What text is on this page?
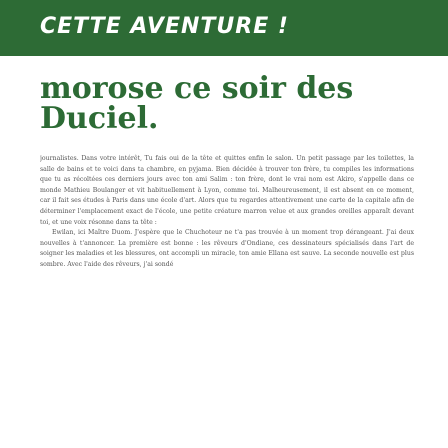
CETTE AVENTURE !
morose ce soir des Duciel.

journalistes. Dans votre intérêt, Tu fais oui de la tête et quittes enfin le salon. Un petit passage par les toilettes, la salle de bains et te voici dans ta chambre, en pyjama. Bien décidée à trouver ton frère, tu compiles les informations que tu as récoltées ces derniers jours avec ton ami Salim : ton frère, dont le vrai nom est Akiro, s'appelle dans ce monde Mathieu Boulanger et vit habituellement à Lyon, comme toi. Malheureusement, il est absent en ce moment, car il fait ses études à Paris dans une école d'art. Alors que tu regardes attentivement une carte de la capitale afin de déterminer l'emplacement exact de l'école, une petite créature marron velue et aux grandes oreilles apparaît devant toi, et une voix résonne dans ta tête :

Ewilan, ici Maître Duom. J'espère que le Chuchoteur ne t'a pas trouvée à un moment trop dérangeant. J'ai deux nouvelles à t'annoncer. La première est bonne : les rêveurs d'Ondiane, ces dessinateurs spécialisés dans l'art de soigner les maladies et les blessures, ont accompli un miracle, ton amie Ellana est sauve. La seconde nouvelle est plus sombre. Avec l'aide des rêveurs, j'ai sondé
